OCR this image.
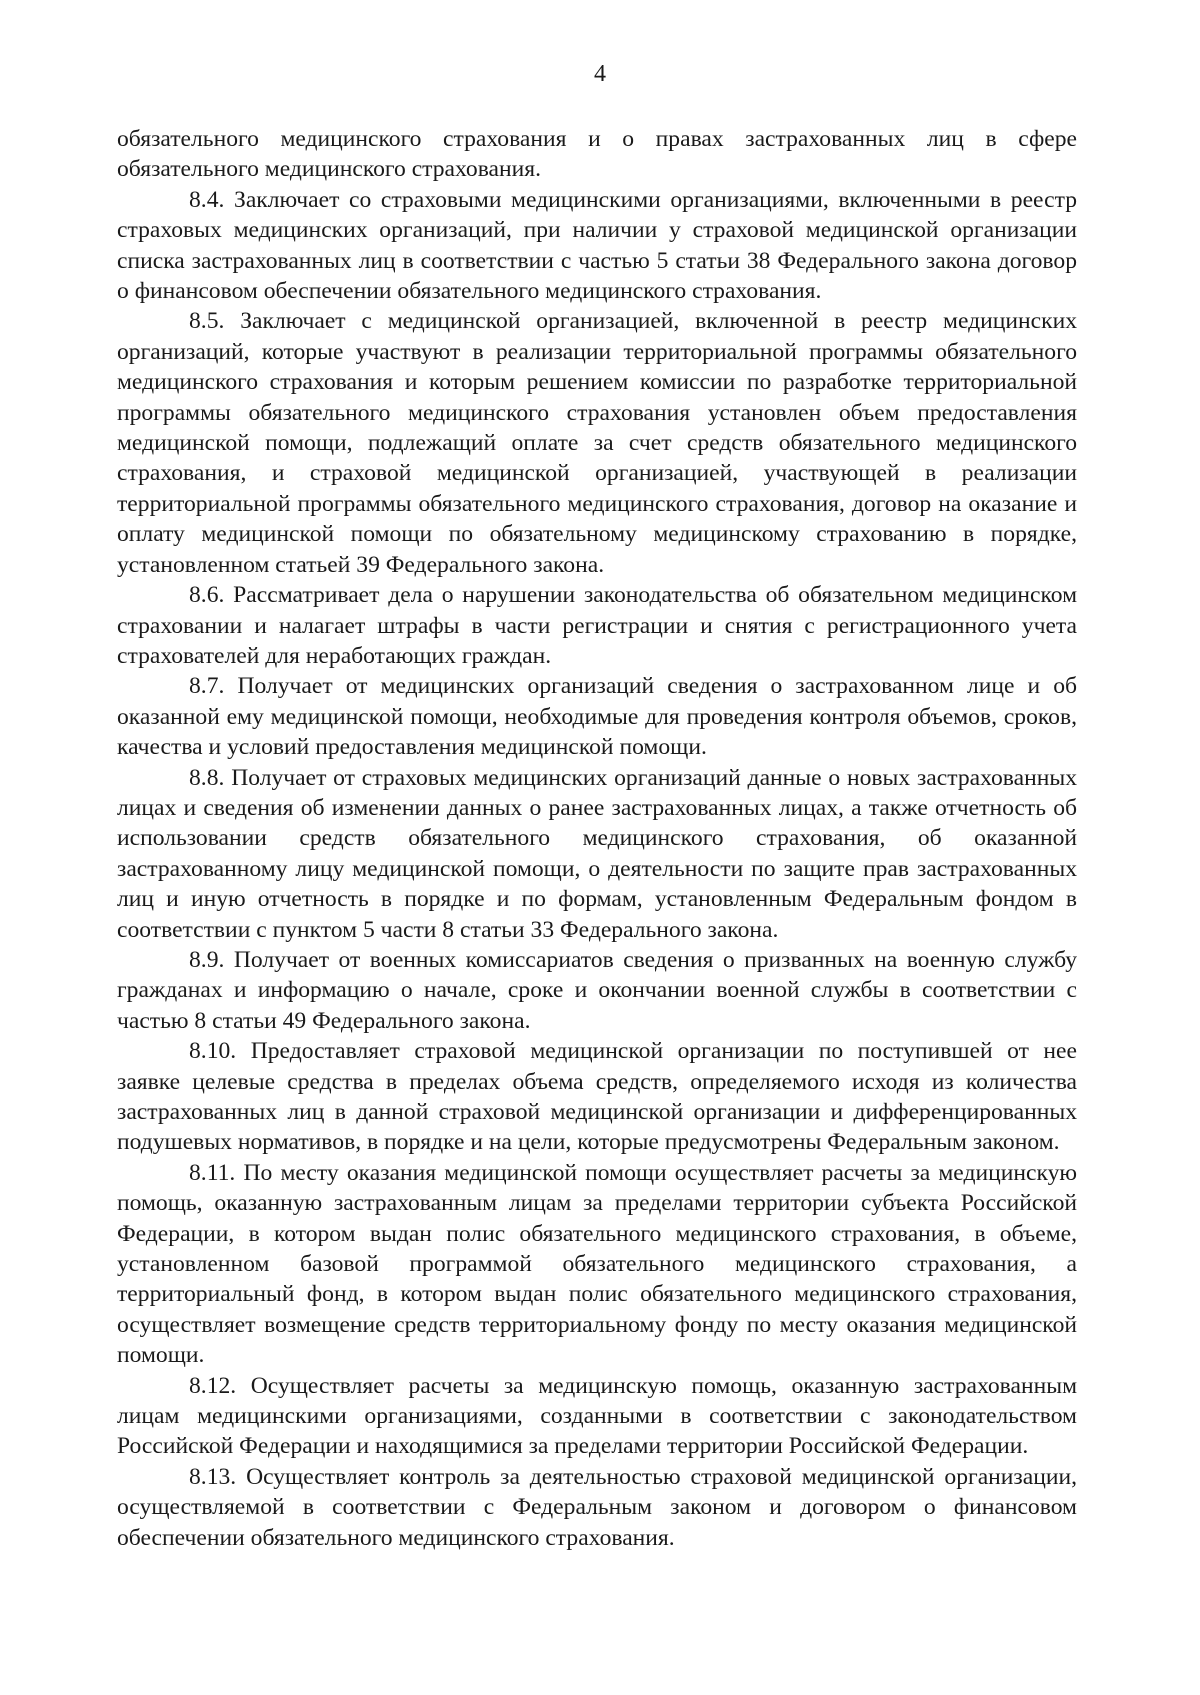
4

обязательного медицинского страхования и о правах застрахованных лиц в сфере обязательного медицинского страхования.

8.4. Заключает со страховыми медицинскими организациями, включенными в реестр страховых медицинских организаций, при наличии у страховой медицинской организации списка застрахованных лиц в соответствии с частью 5 статьи 38 Федерального закона договор о финансовом обеспечении обязательного медицинского страхования.

8.5. Заключает с медицинской организацией, включенной в реестр медицинских организаций, которые участвуют в реализации территориальной программы обязательного медицинского страхования и которым решением комиссии по разработке территориальной программы обязательного медицинского страхования установлен объем предоставления медицинской помощи, подлежащий оплате за счет средств обязательного медицинского страхования, и страховой медицинской организацией, участвующей в реализации территориальной программы обязательного медицинского страхования, договор на оказание и оплату медицинской помощи по обязательному медицинскому страхованию в порядке, установленном статьей 39 Федерального закона.

8.6. Рассматривает дела о нарушении законодательства об обязательном медицинском страховании и налагает штрафы в части регистрации и снятия с регистрационного учета страхователей для неработающих граждан.

8.7. Получает от медицинских организаций сведения о застрахованном лице и об оказанной ему медицинской помощи, необходимые для проведения контроля объемов, сроков, качества и условий предоставления медицинской помощи.

8.8. Получает от страховых медицинских организаций данные о новых застрахованных лицах и сведения об изменении данных о ранее застрахованных лицах, а также отчетность об использовании средств обязательного медицинского страхования, об оказанной застрахованному лицу медицинской помощи, о деятельности по защите прав застрахованных лиц и иную отчетность в порядке и по формам, установленным Федеральным фондом в соответствии с пунктом 5 части 8 статьи 33 Федерального закона.

8.9. Получает от военных комиссариатов сведения о призванных на военную службу гражданах и информацию о начале, сроке и окончании военной службы в соответствии с частью 8 статьи 49 Федерального закона.

8.10. Предоставляет страховой медицинской организации по поступившей от нее заявке целевые средства в пределах объема средств, определяемого исходя из количества застрахованных лиц в данной страховой медицинской организации и дифференцированных подушевых нормативов, в порядке и на цели, которые предусмотрены Федеральным законом.

8.11. По месту оказания медицинской помощи осуществляет расчеты за медицинскую помощь, оказанную застрахованным лицам за пределами территории субъекта Российской Федерации, в котором выдан полис обязательного медицинского страхования, в объеме, установленном базовой программой обязательного медицинского страхования, а территориальный фонд, в котором выдан полис обязательного медицинского страхования, осуществляет возмещение средств территориальному фонду по месту оказания медицинской помощи.

8.12. Осуществляет расчеты за медицинскую помощь, оказанную застрахованным лицам медицинскими организациями, созданными в соответствии с законодательством Российской Федерации и находящимися за пределами территории Российской Федерации.

8.13. Осуществляет контроль за деятельностью страховой медицинской организации, осуществляемой в соответствии с Федеральным законом и договором о финансовом обеспечении обязательного медицинского страхования.
